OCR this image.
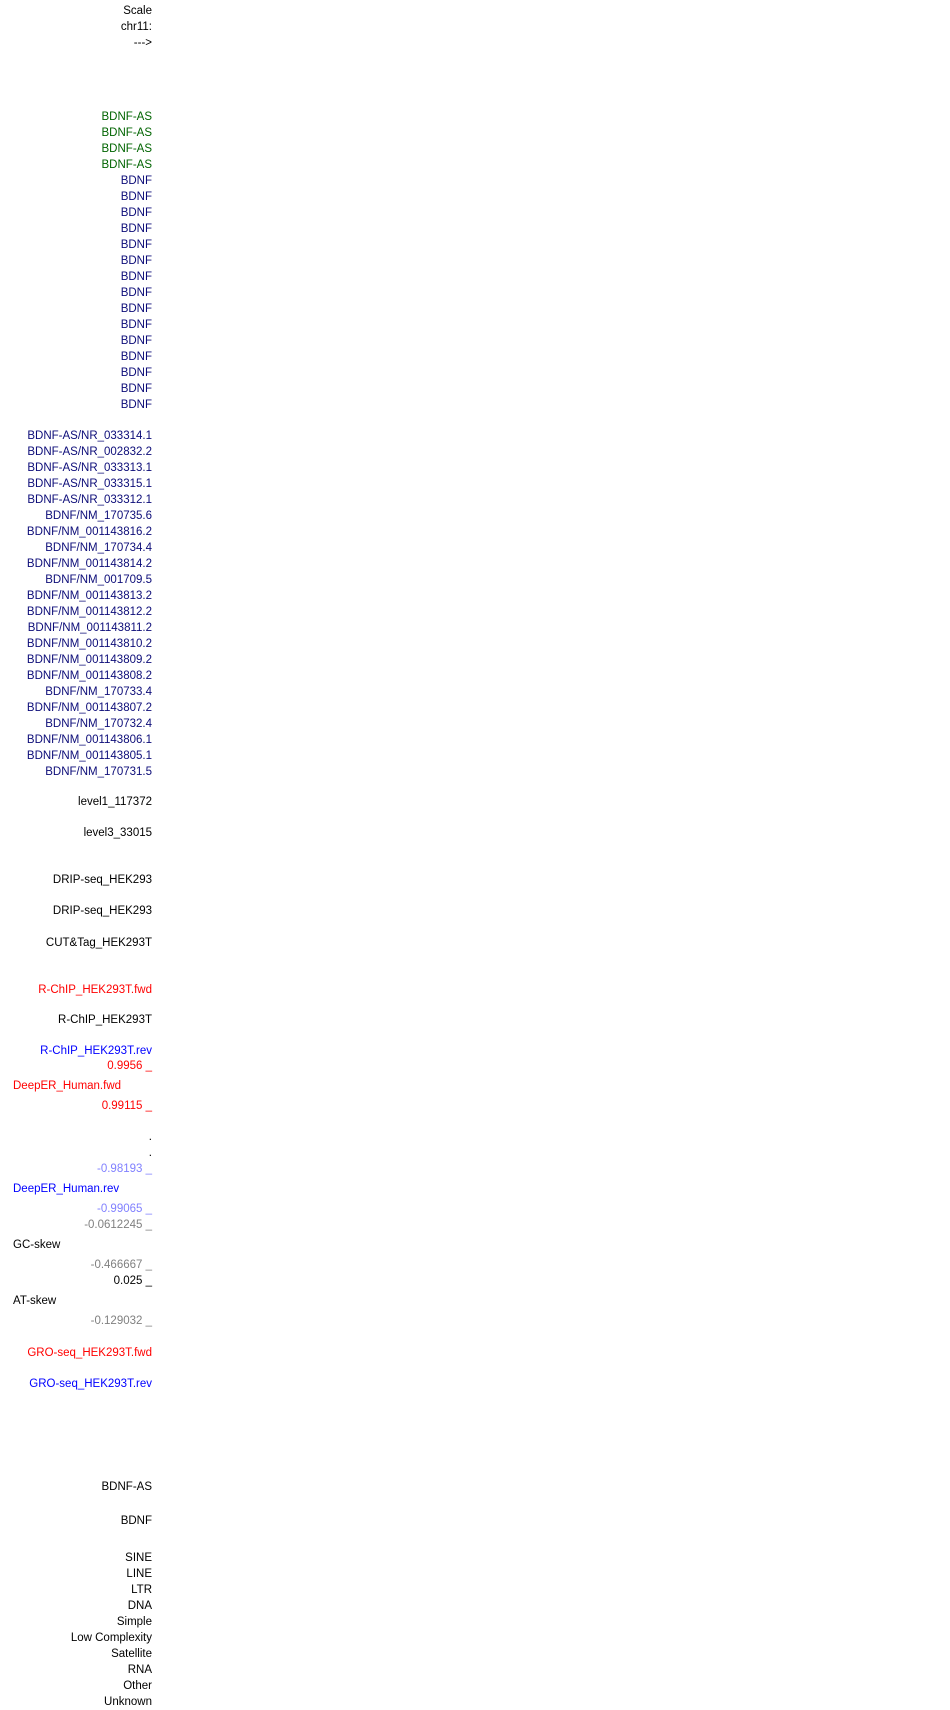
Scale
chr11:
--->
BDNF-AS
BDNF-AS
BDNF-AS
BDNF-AS
BDNF
BDNF
BDNF
BDNF
BDNF
BDNF
BDNF
BDNF
BDNF
BDNF
BDNF
BDNF
BDNF
BDNF
BDNF
BDNF-AS/NR_033314.1
BDNF-AS/NR_002832.2
BDNF-AS/NR_033313.1
BDNF-AS/NR_033315.1
BDNF-AS/NR_033312.1
BDNF/NM_170735.6
BDNF/NM_001143816.2
BDNF/NM_170734.4
BDNF/NM_001143814.2
BDNF/NM_001709.5
BDNF/NM_001143813.2
BDNF/NM_001143812.2
BDNF/NM_001143811.2
BDNF/NM_001143810.2
BDNF/NM_001143809.2
BDNF/NM_001143808.2
BDNF/NM_170733.4
BDNF/NM_001143807.2
BDNF/NM_170732.4
BDNF/NM_001143806.1
BDNF/NM_001143805.1
BDNF/NM_170731.5
level1_117372
level3_33015
DRIP-seq_HEK293
DRIP-seq_HEK293
CUT&Tag_HEK293T
R-ChIP_HEK293T.fwd
R-ChIP_HEK293T
R-ChIP_HEK293T.rev
0.9956 _
DeepER_Human.fwd
0.99115 _
.
.
-0.98193 _
DeepER_Human.rev
-0.99065 _
-0.0612245 _
GC-skew
-0.466667 _
0.025 _
AT-skew
-0.129032 _
GRO-seq_HEK293T.fwd
GRO-seq_HEK293T.rev
BDNF-AS
BDNF
SINE
LINE
LTR
DNA
Simple
Low Complexity
Satellite
RNA
Other
Unknown
